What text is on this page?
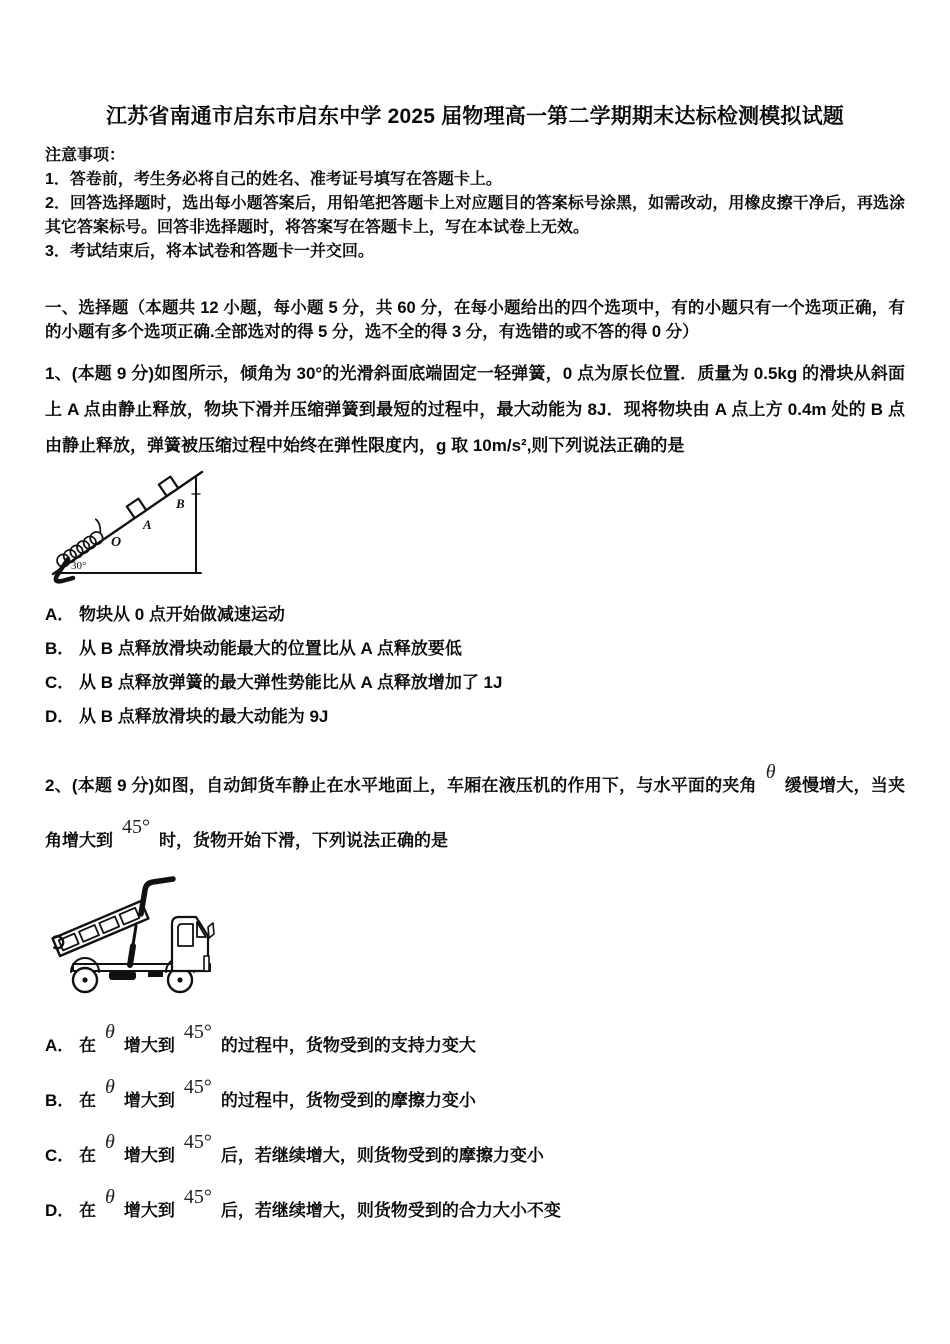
江苏省南通市启东市启东中学 2025 届物理高一第二学期期末达标检测模拟试题

注意事项：

1．答卷前，考生务必将自己的姓名、准考证号填写在答题卡上。

2．回答选择题时，选出每小题答案后，用铅笔把答题卡上对应题目的答案标号涂黑，如需改动，用橡皮擦干净后，再选涂其它答案标号。回答非选择题时，将答案写在答题卡上，写在本试卷上无效。

3．考试结束后，将本试卷和答题卡一并交回。

一、选择题（本题共 12 小题，每小题 5 分，共 60 分，在每小题给出的四个选项中，有的小题只有一个选项正确，有的小题有多个选项正确.全部选对的得 5 分，选不全的得 3 分，有选错的或不答的得 0 分）

1、(本题 9 分)如图所示，倾角为 30°的光滑斜面底端固定一轻弹簧，0 点为原长位置．质量为 0.5kg 的滑块从斜面上 A 点由静止释放，物块下滑并压缩弹簧到最短的过程中，最大动能为 8J．现将物块由 A 点上方 0.4m 处的 B 点由静止释放，弹簧被压缩过程中始终在弹性限度内，g 取 10m/s²,则下列说法正确的是

O
A
B
30°

A． 物块从 0 点开始做减速运动

B． 从 B 点释放滑块动能最大的位置比从 A 点释放要低

C． 从 B 点释放弹簧的最大弹性势能比从 A 点释放增加了 1J

D． 从 B 点释放滑块的最大动能为 9J

2、(本题 9 分)如图，自动卸货车静止在水平地面上，车厢在液压机的作用下，与水平面的夹角θ缓慢增大，当夹角增大到45°时，货物开始下滑，下列说法正确的是

A． 在θ增大到45°的过程中，货物受到的支持力变大

B． 在θ增大到45°的过程中，货物受到的摩擦力变小

C． 在θ增大到45°后，若继续增大，则货物受到的摩擦力变小

D． 在θ增大到45°后，若继续增大，则货物受到的合力大小不变
